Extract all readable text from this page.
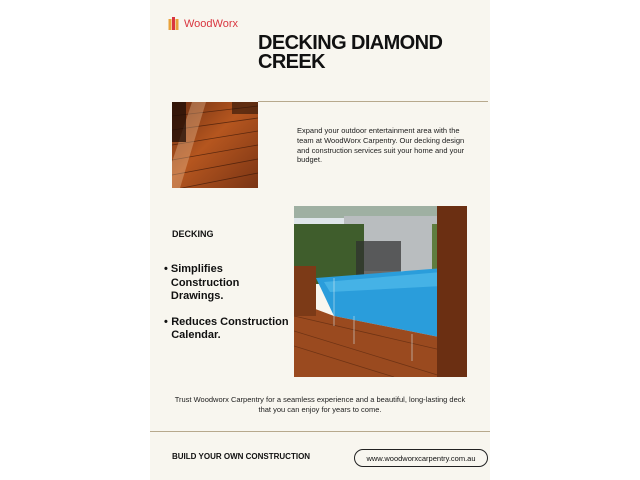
WoodWorx
DECKING DIAMOND CREEK

Expand your outdoor entertainment area with the team at WoodWorx Carpentry. Our decking design and construction services suit your home and your budget.

DECKING
• Simplifies Construction Drawings.
• Reduces Construction Calendar.

Trust Woodworx Carpentry for a seamless experience and a beautiful, long-lasting deck that you can enjoy for years to come.

BUILD YOUR OWN CONSTRUCTION	www.woodworxcarpentry.com.au
